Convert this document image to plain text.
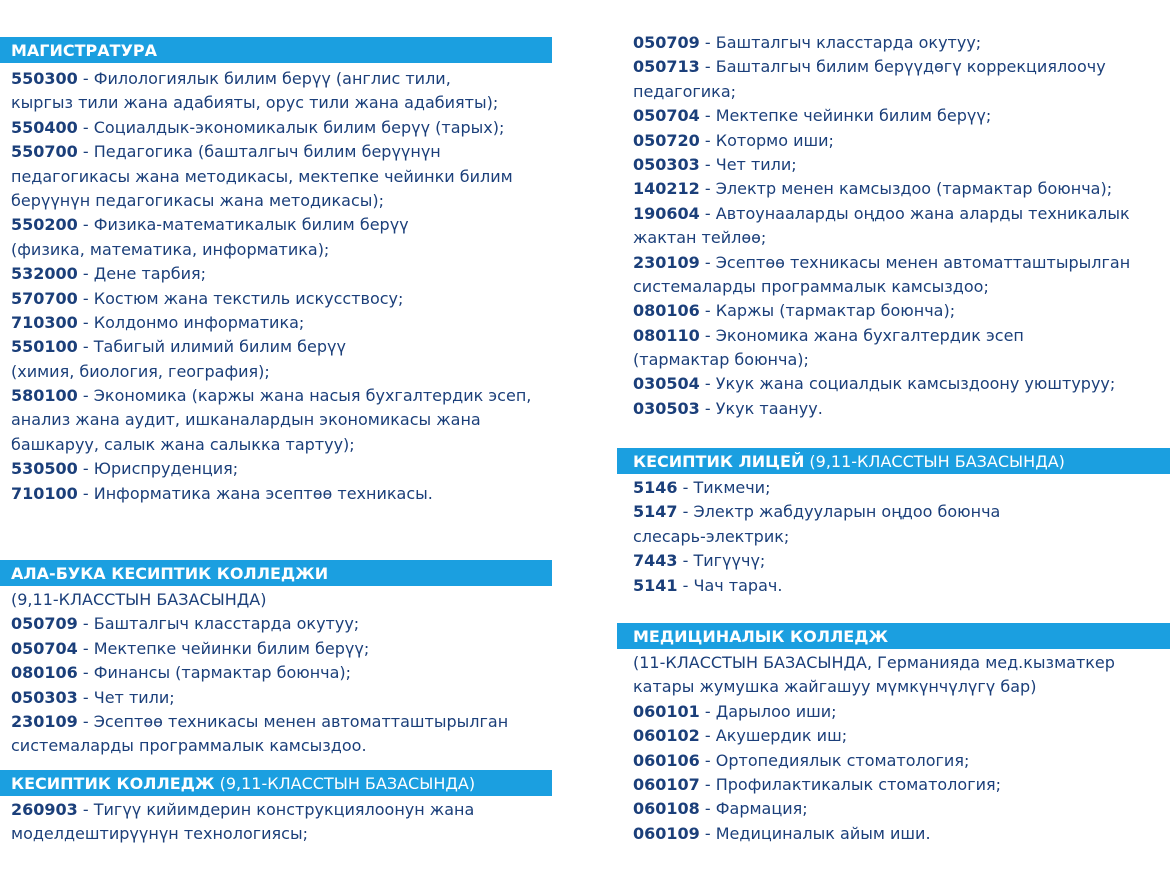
МАГИСТРАТУРА
550300 - Филологиялык билим берүү (англис тили,
кыргыз тили жана адабияты, орус тили жана адабияты);
550400 - Социалдык-экономикалык билим берүү (тарых);
550700 - Педагогика (башталгыч билим берүүнүн
педагогикасы жана методикасы, мектепке чейинки билим
берүүнүн педагогикасы жана методикасы);
550200 - Физика-математикалык билим берүү
(физика, математика, информатика);
532000 - Дене тарбия;
570700 - Костюм жана текстиль искусствосу;
710300 - Колдонмо информатика;
550100 - Табигый илимий билим берүү
(химия, биология, география);
580100 - Экономика (каржы жана насыя бухгалтердик эсеп,
анализ жана аудит, ишканалардын экономикасы жана
башкаруу, салык жана салыкка тартуу);
530500 - Юриспруденция;
710100 - Информатика жана эсептөө техникасы.
АЛА-БУКА КЕСИПТИК КОЛЛЕДЖИ
(9,11-КЛАССТЫН БАЗАСЫНДА)
050709 - Башталгыч класстарда окутуу;
050704 - Мектепке чейинки билим берүү;
080106 - Финансы (тармактар боюнча);
050303 - Чет тили;
230109 - Эсептөө техникасы менен автоматташтырылган
системаларды программалык камсыздоо.
КЕСИПТИК КОЛЛЕДЖ (9,11-КЛАССТЫН БАЗАСЫНДА)
260903 - Тигүү кийимдерин конструкциялоонун жана
моделдештирүүнүн технологиясы;
050709 - Башталгыч класстарда окутуу;
050713 - Башталгыч билим берүүдөгү коррекциялоочу
педагогика;
050704 - Мектепке чейинки билим берүү;
050720 - Котормо иши;
050303 - Чет тили;
140212 - Электр менен камсыздоо (тармактар боюнча);
190604 - Автоунааларды оңдоо жана аларды техникалык
жактан тейлөө;
230109 - Эсептөө техникасы менен автоматташтырылган
системаларды программалык камсыздоо;
080106 - Каржы (тармактар боюнча);
080110 - Экономика жана бухгалтердик эсеп
(тармактар боюнча);
030504 - Укук жана социалдык камсыздоону уюштуруу;
030503 - Укук таануу.
КЕСИПТИК ЛИЦЕЙ (9,11-КЛАССТЫН БАЗАСЫНДА)
5146 - Тикмечи;
5147 - Электр жабдууларын оңдоо боюнча
слесарь-электрик;
7443 - Тигүүчү;
5141 - Чач тарач.
МЕДИЦИНАЛЫК КОЛЛЕДЖ
(11-КЛАССТЫН БАЗАСЫНДА, Германияда мед.кызматкер
катары жумушка жайгашуу мүмкүнчүлүгү бар)
060101 - Дарылоо иши;
060102 - Акушердик иш;
060106 - Ортопедиялык стоматология;
060107 - Профилактикалык стоматология;
060108 - Фармация;
060109 - Медициналык айым иши.
